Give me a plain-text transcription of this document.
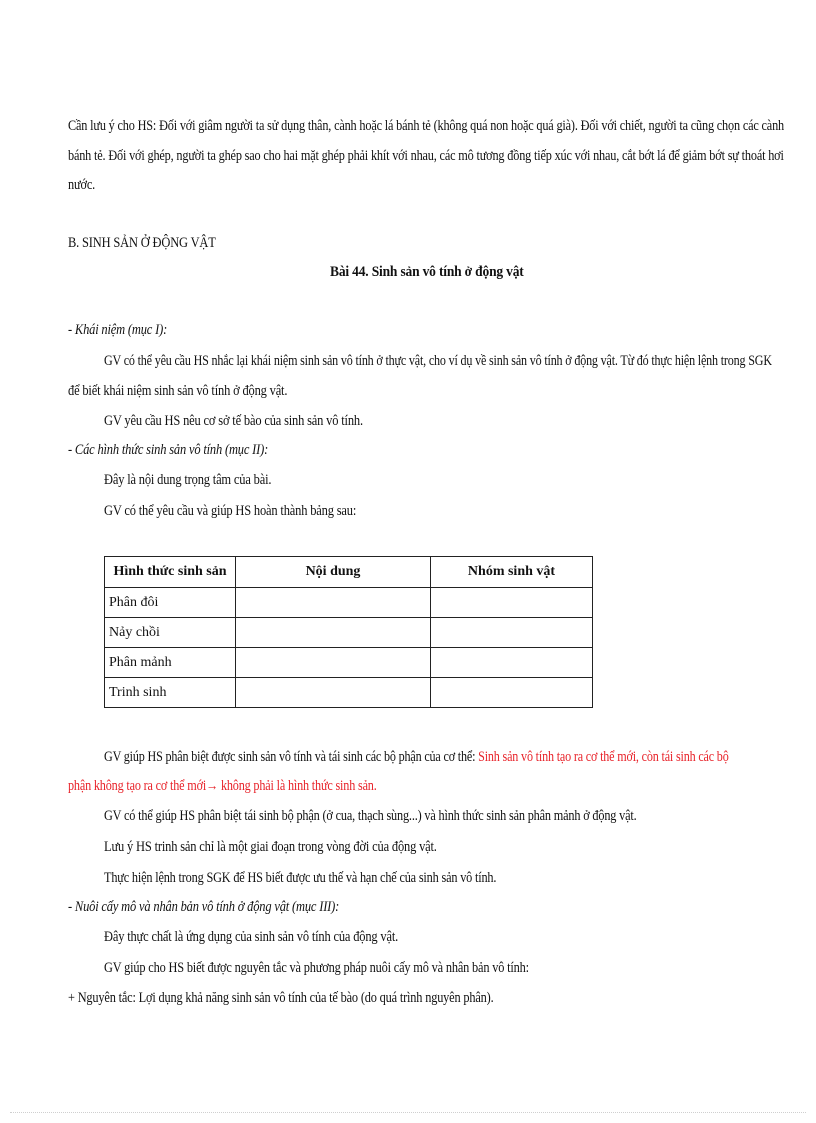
Cần lưu ý cho HS: Đối với giâm người ta sử dụng thân, cành hoặc lá bánh tẻ (không quá non hoặc quá già). Đối với chiết, người ta cũng chọn các cành
bánh tẻ. Đối với ghép, người ta ghép sao cho hai mặt ghép phải khít với nhau, các mô tương đồng tiếp xúc với nhau, cắt bớt lá để giảm bớt sự thoát hơi
nước.
B. SINH SẢN Ở ĐỘNG VẬT
Bài 44. Sinh sản vô tính ở động vật
- Khái niệm (mục I):
GV có thể yêu cầu HS nhắc lại khái niệm sinh sản vô tính ở thực vật, cho ví dụ về sinh sản vô tính ở động vật. Từ đó thực hiện lệnh trong SGK
để biết khái niệm sinh sản vô tính ở động vật.
GV yêu cầu HS nêu cơ sở tế bào của sinh sản vô tính.
- Các hình thức sinh sản vô tính (mục II):
Đây là nội dung trọng tâm của bài.
GV có thể yêu cầu và giúp HS hoàn thành bảng sau:
Hình thức sinh sản	Nội dung	Nhóm sinh vật
Phân đôi		
Nảy chồi		
Phân mảnh		
Trinh sinh		
GV giúp HS phân biệt được sinh sản vô tính và tái sinh các bộ phận của cơ thể: Sinh sản vô tính tạo ra cơ thể mới, còn tái sinh các bộ
phận không tạo ra cơ thể mới→ không phải là hình thức sinh sản.
GV có thể giúp HS phân biệt tái sinh bộ phận (ở cua, thạch sùng...) và hình thức sinh sản phân mảnh ở động vật.
Lưu ý HS trinh sản chỉ là một giai đoạn trong vòng đời của động vật.
Thực hiện lệnh trong SGK để HS biết được ưu thế và hạn chế của sinh sản vô tính.
- Nuôi cấy mô và nhân bản vô tính ở động vật (mục III):
Đây thực chất là ứng dụng của sinh sản vô tính của động vật.
GV giúp cho HS biết được nguyên tắc và phương pháp nuôi cấy mô và nhân bản vô tính:
+ Nguyên tắc: Lợi dụng khả năng sinh sản vô tính của tế bào (do quá trình nguyên phân).
